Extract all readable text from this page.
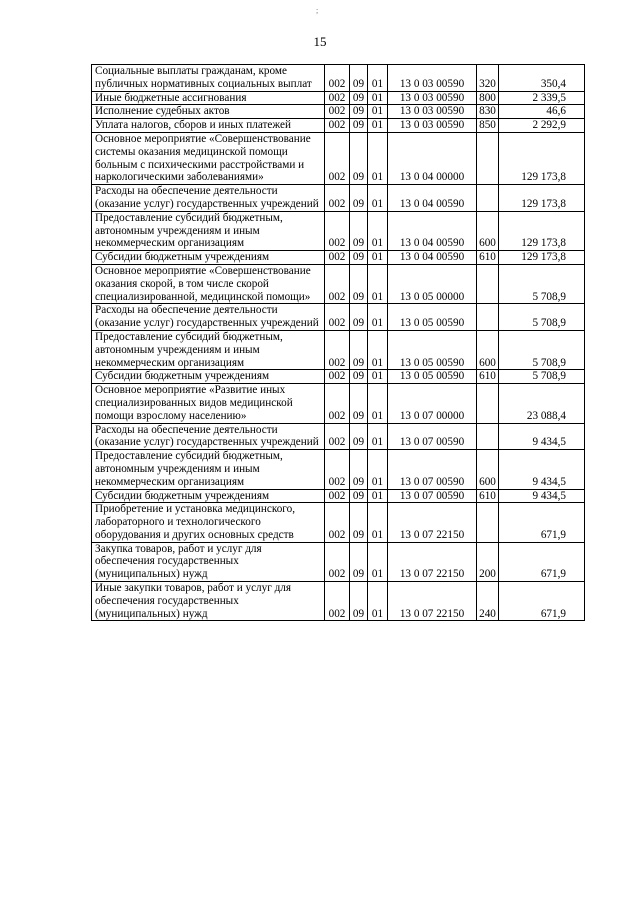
;
15
Социальные выплаты гражданам, кроме публичных нормативных социальных выплат	002	09	01	13 0 03 00590	320	350,4
Иные бюджетные ассигнования	002	09	01	13 0 03 00590	800	2 339,5
Исполнение судебных актов	002	09	01	13 0 03 00590	830	46,6
Уплата налогов, сборов и иных платежей	002	09	01	13 0 03 00590	850	2 292,9
Основное мероприятие «Совершенствование системы оказания медицинской помощи больным с психическими расстройствами и наркологическими заболеваниями»	002	09	01	13 0 04 00000		129 173,8
Расходы на обеспечение деятельности (оказание услуг) государственных учреждений	002	09	01	13 0 04 00590		129 173,8
Предоставление субсидий бюджетным, автономным учреждениям и иным некоммерческим организациям	002	09	01	13 0 04 00590	600	129 173,8
Субсидии бюджетным учреждениям	002	09	01	13 0 04 00590	610	129 173,8
Основное мероприятие «Совершенствование оказания скорой, в том числе скорой специализированной, медицинской помощи»	002	09	01	13 0 05 00000		5 708,9
Расходы на обеспечение деятельности (оказание услуг) государственных учреждений	002	09	01	13 0 05 00590		5 708,9
Предоставление субсидий бюджетным, автономным учреждениям и иным некоммерческим организациям	002	09	01	13 0 05 00590	600	5 708,9
Субсидии бюджетным учреждениям	002	09	01	13 0 05 00590	610	5 708,9
Основное мероприятие «Развитие иных специализированных видов медицинской помощи взрослому населению»	002	09	01	13 0 07 00000		23 088,4
Расходы на обеспечение деятельности (оказание услуг) государственных учреждений	002	09	01	13 0 07 00590		9 434,5
Предоставление субсидий бюджетным, автономным учреждениям и иным некоммерческим организациям	002	09	01	13 0 07 00590	600	9 434,5
Субсидии бюджетным учреждениям	002	09	01	13 0 07 00590	610	9 434,5
Приобретение и установка медицинского, лабораторного и технологического оборудования и других основных средств	002	09	01	13 0 07 22150		671,9
Закупка товаров, работ и услуг для обеспечения государственных (муниципальных) нужд	002	09	01	13 0 07 22150	200	671,9
Иные закупки товаров, работ и услуг для обеспечения государственных (муниципальных) нужд	002	09	01	13 0 07 22150	240	671,9
